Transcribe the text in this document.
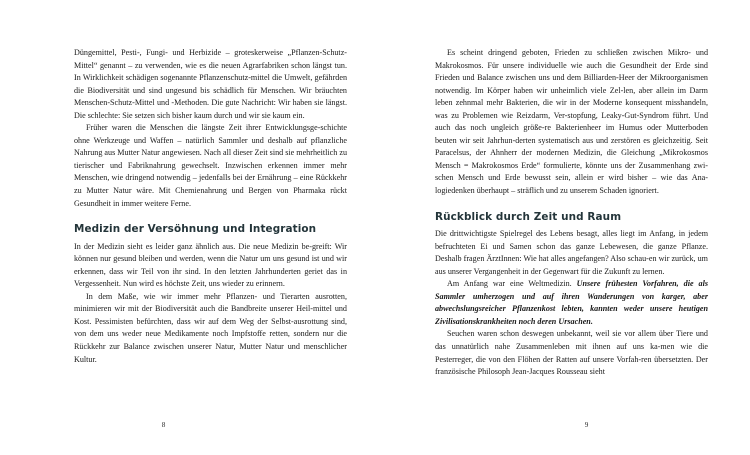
Düngemittel, Pesti-, Fungi- und Herbizide – groteskerweise „Pflanzen-Schutz-Mittel“ genannt – zu verwenden, wie es die neuen Agrarfabriken schon längst tun. In Wirklichkeit schädigen sogenannte Pflanzenschutz-mittel die Umwelt, gefährden die Biodiversität und sind ungesund bis schädlich für Menschen. Wir bräuchten Menschen-Schutz-Mittel und -Methoden. Die gute Nachricht: Wir haben sie längst. Die schlechte: Sie setzen sich bisher kaum durch und wir sie kaum ein.

Früher waren die Menschen die längste Zeit ihrer Entwicklungsge-schichte ohne Werkzeuge und Waffen – natürlich Sammler und deshalb auf pflanzliche Nahrung aus Mutter Natur angewiesen. Nach all dieser Zeit sind sie mehrheitlich zu tierischer und Fabriknahrung gewechselt. Inzwischen erkennen immer mehr Menschen, wie dringend notwendig – jedenfalls bei der Ernährung – eine Rückkehr zu Mutter Natur wäre. Mit Chemienahrung und Bergen von Pharmaka rückt Gesundheit in immer weitere Ferne.

Medizin der Versöhnung und Integration

In der Medizin sieht es leider ganz ähnlich aus. Die neue Medizin be-greift: Wir können nur gesund bleiben und werden, wenn die Natur um uns gesund ist und wir erkennen, dass wir Teil von ihr sind. In den letzten Jahrhunderten geriet das in Vergessenheit. Nun wird es höchste Zeit, uns wieder zu erinnern.

In dem Maße, wie wir immer mehr Pflanzen- und Tierarten ausrotten, minimieren wir mit der Biodiversität auch die Bandbreite unserer Heil-mittel und Kost. Pessimisten befürchten, dass wir auf dem Weg der Selbst-ausrottung sind, von dem uns weder neue Medikamente noch Impfstoffe retten, sondern nur die Rückkehr zur Balance zwischen unserer Natur, Mutter Natur und menschlicher Kultur.

8

Es scheint dringend geboten, Frieden zu schließen zwischen Mikro- und Makrokosmos. Für unsere individuelle wie auch die Gesundheit der Erde sind Frieden und Balance zwischen uns und dem Billiarden-Heer der Mikroorganismen notwendig. Im Körper haben wir unheimlich viele Zel-len, aber allein im Darm leben zehnmal mehr Bakterien, die wir in der Moderne konsequent misshandeln, was zu Problemen wie Reizdarm, Ver-stopfung, Leaky-Gut-Syndrom führt. Und auch das noch ungleich größe-re Bakterienheer im Humus oder Mutterboden beuten wir seit Jahrhun-derten systematisch aus und zerstören es gleichzeitig. Seit Paracelsus, der Ahnherr der modernen Medizin, die Gleichung „Mikrokosmos Mensch = Makrokosmos Erde“ formulierte, könnte uns der Zusammenhang zwi-schen Mensch und Erde bewusst sein, allein er wird bisher – wie das Ana-logiedenken überhaupt – sträflich und zu unserem Schaden ignoriert.

Rückblick durch Zeit und Raum

Die drittwichtigste Spielregel des Lebens besagt, alles liegt im Anfang, in jedem befruchteten Ei und Samen schon das ganze Lebewesen, die ganze Pflanze. Deshalb fragen ÄrztInnen: Wie hat alles angefangen? Also schau-en wir zurück, um aus unserer Vergangenheit in der Gegenwart für die Zukunft zu lernen.

Am Anfang war eine Weltmedizin. Unsere frühesten Vorfahren, die als Sammler umherzogen und auf ihren Wanderungen von karger, aber abwechslungsreicher Pflanzenkost lebten, kannten weder unsere heutigen Zivilisationskrankheiten noch deren Ursachen.

Seuchen waren schon deswegen unbekannt, weil sie vor allem über Tiere und das unnatürlich nahe Zusammenleben mit ihnen auf uns ka-men wie die Pesterreger, die von den Flöhen der Ratten auf unsere Vorfah-ren übersetzten. Der französische Philosoph Jean-Jacques Rousseau sieht

9
